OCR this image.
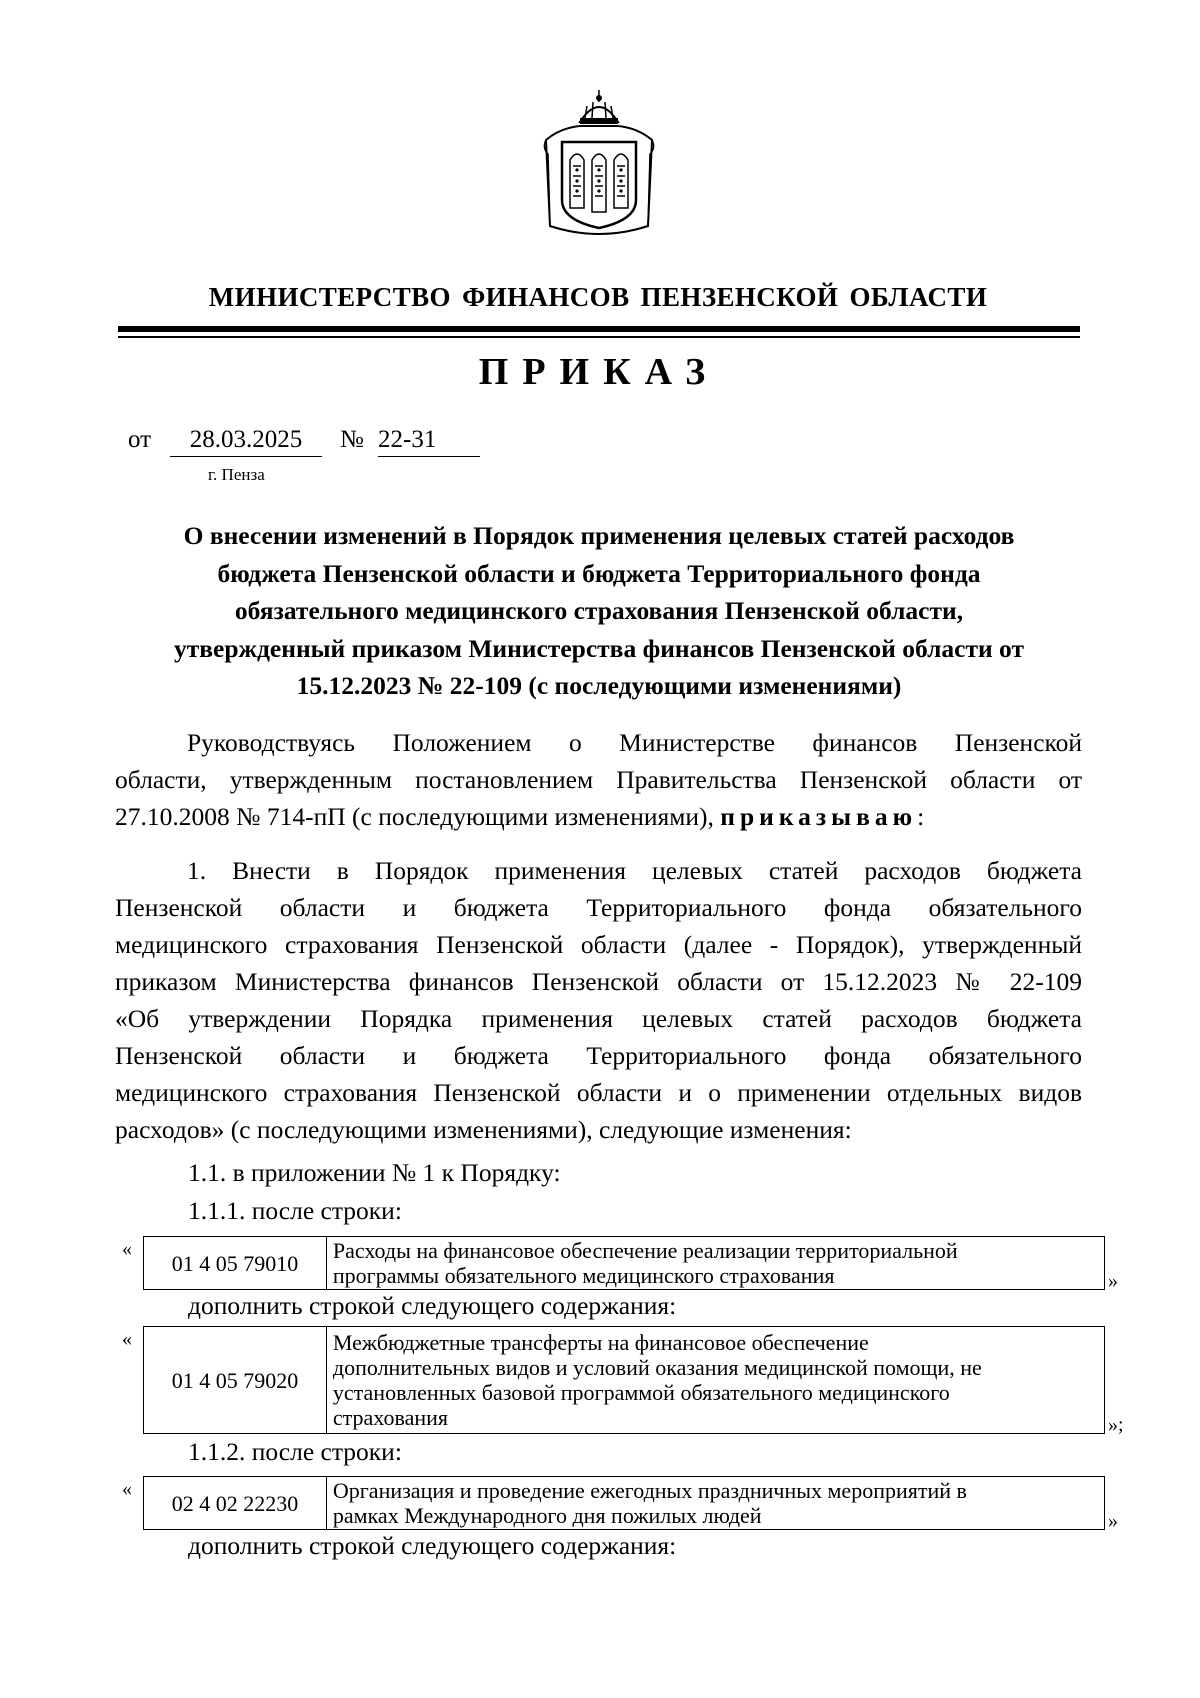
МИНИСТЕРСТВО ФИНАНСОВ ПЕНЗЕНСКОЙ ОБЛАСТИ
ПРИКАЗ
от	28.03.2025	№ 22-31
г. Пенза
О внесении изменений в Порядок применения целевых статей расходов
бюджета Пензенской области и бюджета Территориального фонда
обязательного медицинского страхования Пензенской области,
утвержденный приказом Министерства финансов Пензенской области от
15.12.2023 № 22-109 (с последующими изменениями)
Руководствуясь Положением о Министерстве финансов Пензенской
области, утвержденным постановлением Правительства Пензенской области от
27.10.2008 № 714-пП (с последующими изменениями), приказываю:
1. Внести в Порядок применения целевых статей расходов бюджета
Пензенской области и бюджета Территориального фонда обязательного
медицинского страхования Пензенской области (далее - Порядок), утвержденный
приказом Министерства финансов Пензенской области от 15.12.2023 № 22-109
«Об утверждении Порядка применения целевых статей расходов бюджета
Пензенской области и бюджета Территориального фонда обязательного
медицинского страхования Пензенской области и о применении отдельных видов
расходов» (с последующими изменениями), следующие изменения:
1.1. в приложении № 1 к Порядку:
1.1.1. после строки:
«
01 4 05 79010	Расходы на финансовое обеспечение реализации территориальной
программы обязательного медицинского страхования	»
дополнить строкой следующего содержания:
«
01 4 05 79020	
Межбюджетные трансферты на финансовое обеспечение
дополнительных видов и условий оказания медицинской помощи, не
установленных базовой программой обязательного медицинского
страхования	»;
1.1.2. после строки:
«
02 4 02 22230	Организация и проведение ежегодных праздничных мероприятий в
рамках Международного дня пожилых людей	»
дополнить строкой следующего содержания:
